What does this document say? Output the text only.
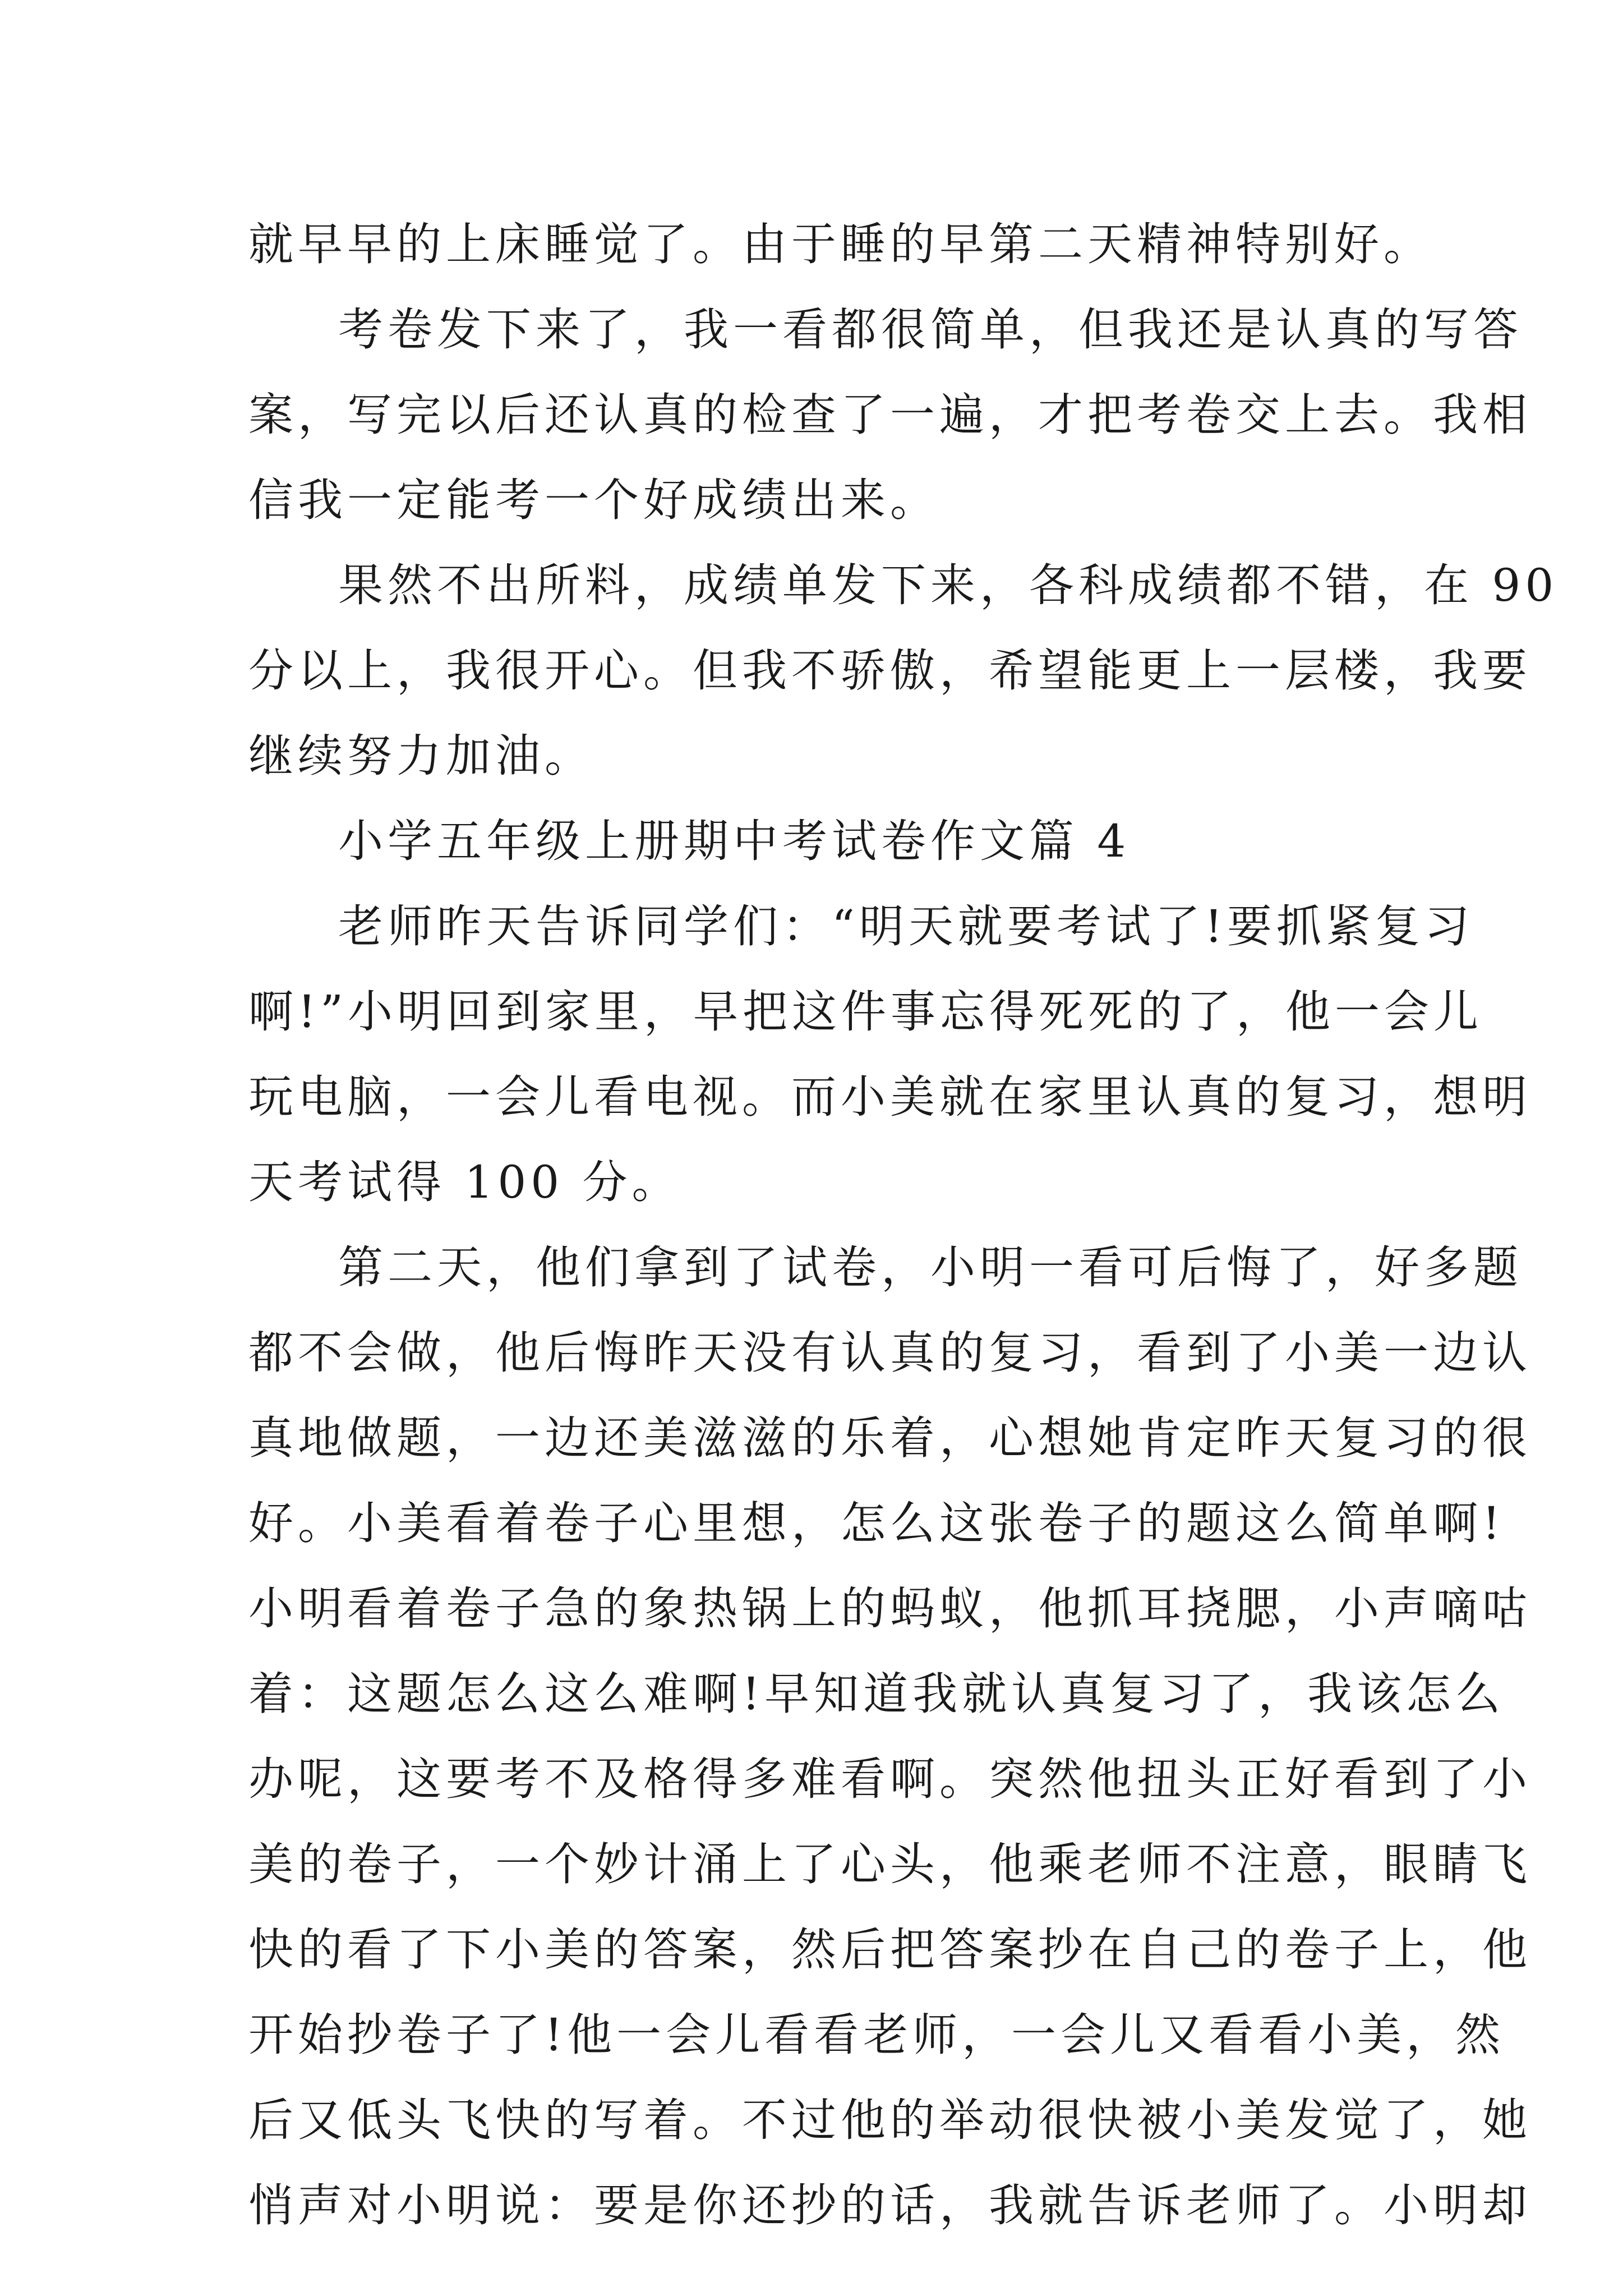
就早早的上床睡觉了。由于睡的早第二天精神特别好。
考卷发下来了，我一看都很简单，但我还是认真的写答
案，写完以后还认真的检查了一遍，才把考卷交上去。我相
信我一定能考一个好成绩出来。
果然不出所料，成绩单发下来，各科成绩都不错，在 90
分以上，我很开心。但我不骄傲，希望能更上一层楼，我要
继续努力加油。
小学五年级上册期中考试卷作文篇 4
老师昨天告诉同学们：“明天就要考试了!要抓紧复习
啊!”小明回到家里，早把这件事忘得死死的了，他一会儿
玩电脑，一会儿看电视。而小美就在家里认真的复习，想明
天考试得 100 分。
第二天，他们拿到了试卷，小明一看可后悔了，好多题
都不会做，他后悔昨天没有认真的复习，看到了小美一边认
真地做题，一边还美滋滋的乐着，心想她肯定昨天复习的很
好。小美看着卷子心里想，怎么这张卷子的题这么简单啊!
小明看着卷子急的象热锅上的蚂蚁，他抓耳挠腮，小声嘀咕
着：这题怎么这么难啊!早知道我就认真复习了，我该怎么
办呢，这要考不及格得多难看啊。突然他扭头正好看到了小
美的卷子，一个妙计涌上了心头，他乘老师不注意，眼睛飞
快的看了下小美的答案，然后把答案抄在自己的卷子上，他
开始抄卷子了!他一会儿看看老师，一会儿又看看小美，然
后又低头飞快的写着。不过他的举动很快被小美发觉了，她
悄声对小明说：要是你还抄的话，我就告诉老师了。小明却
